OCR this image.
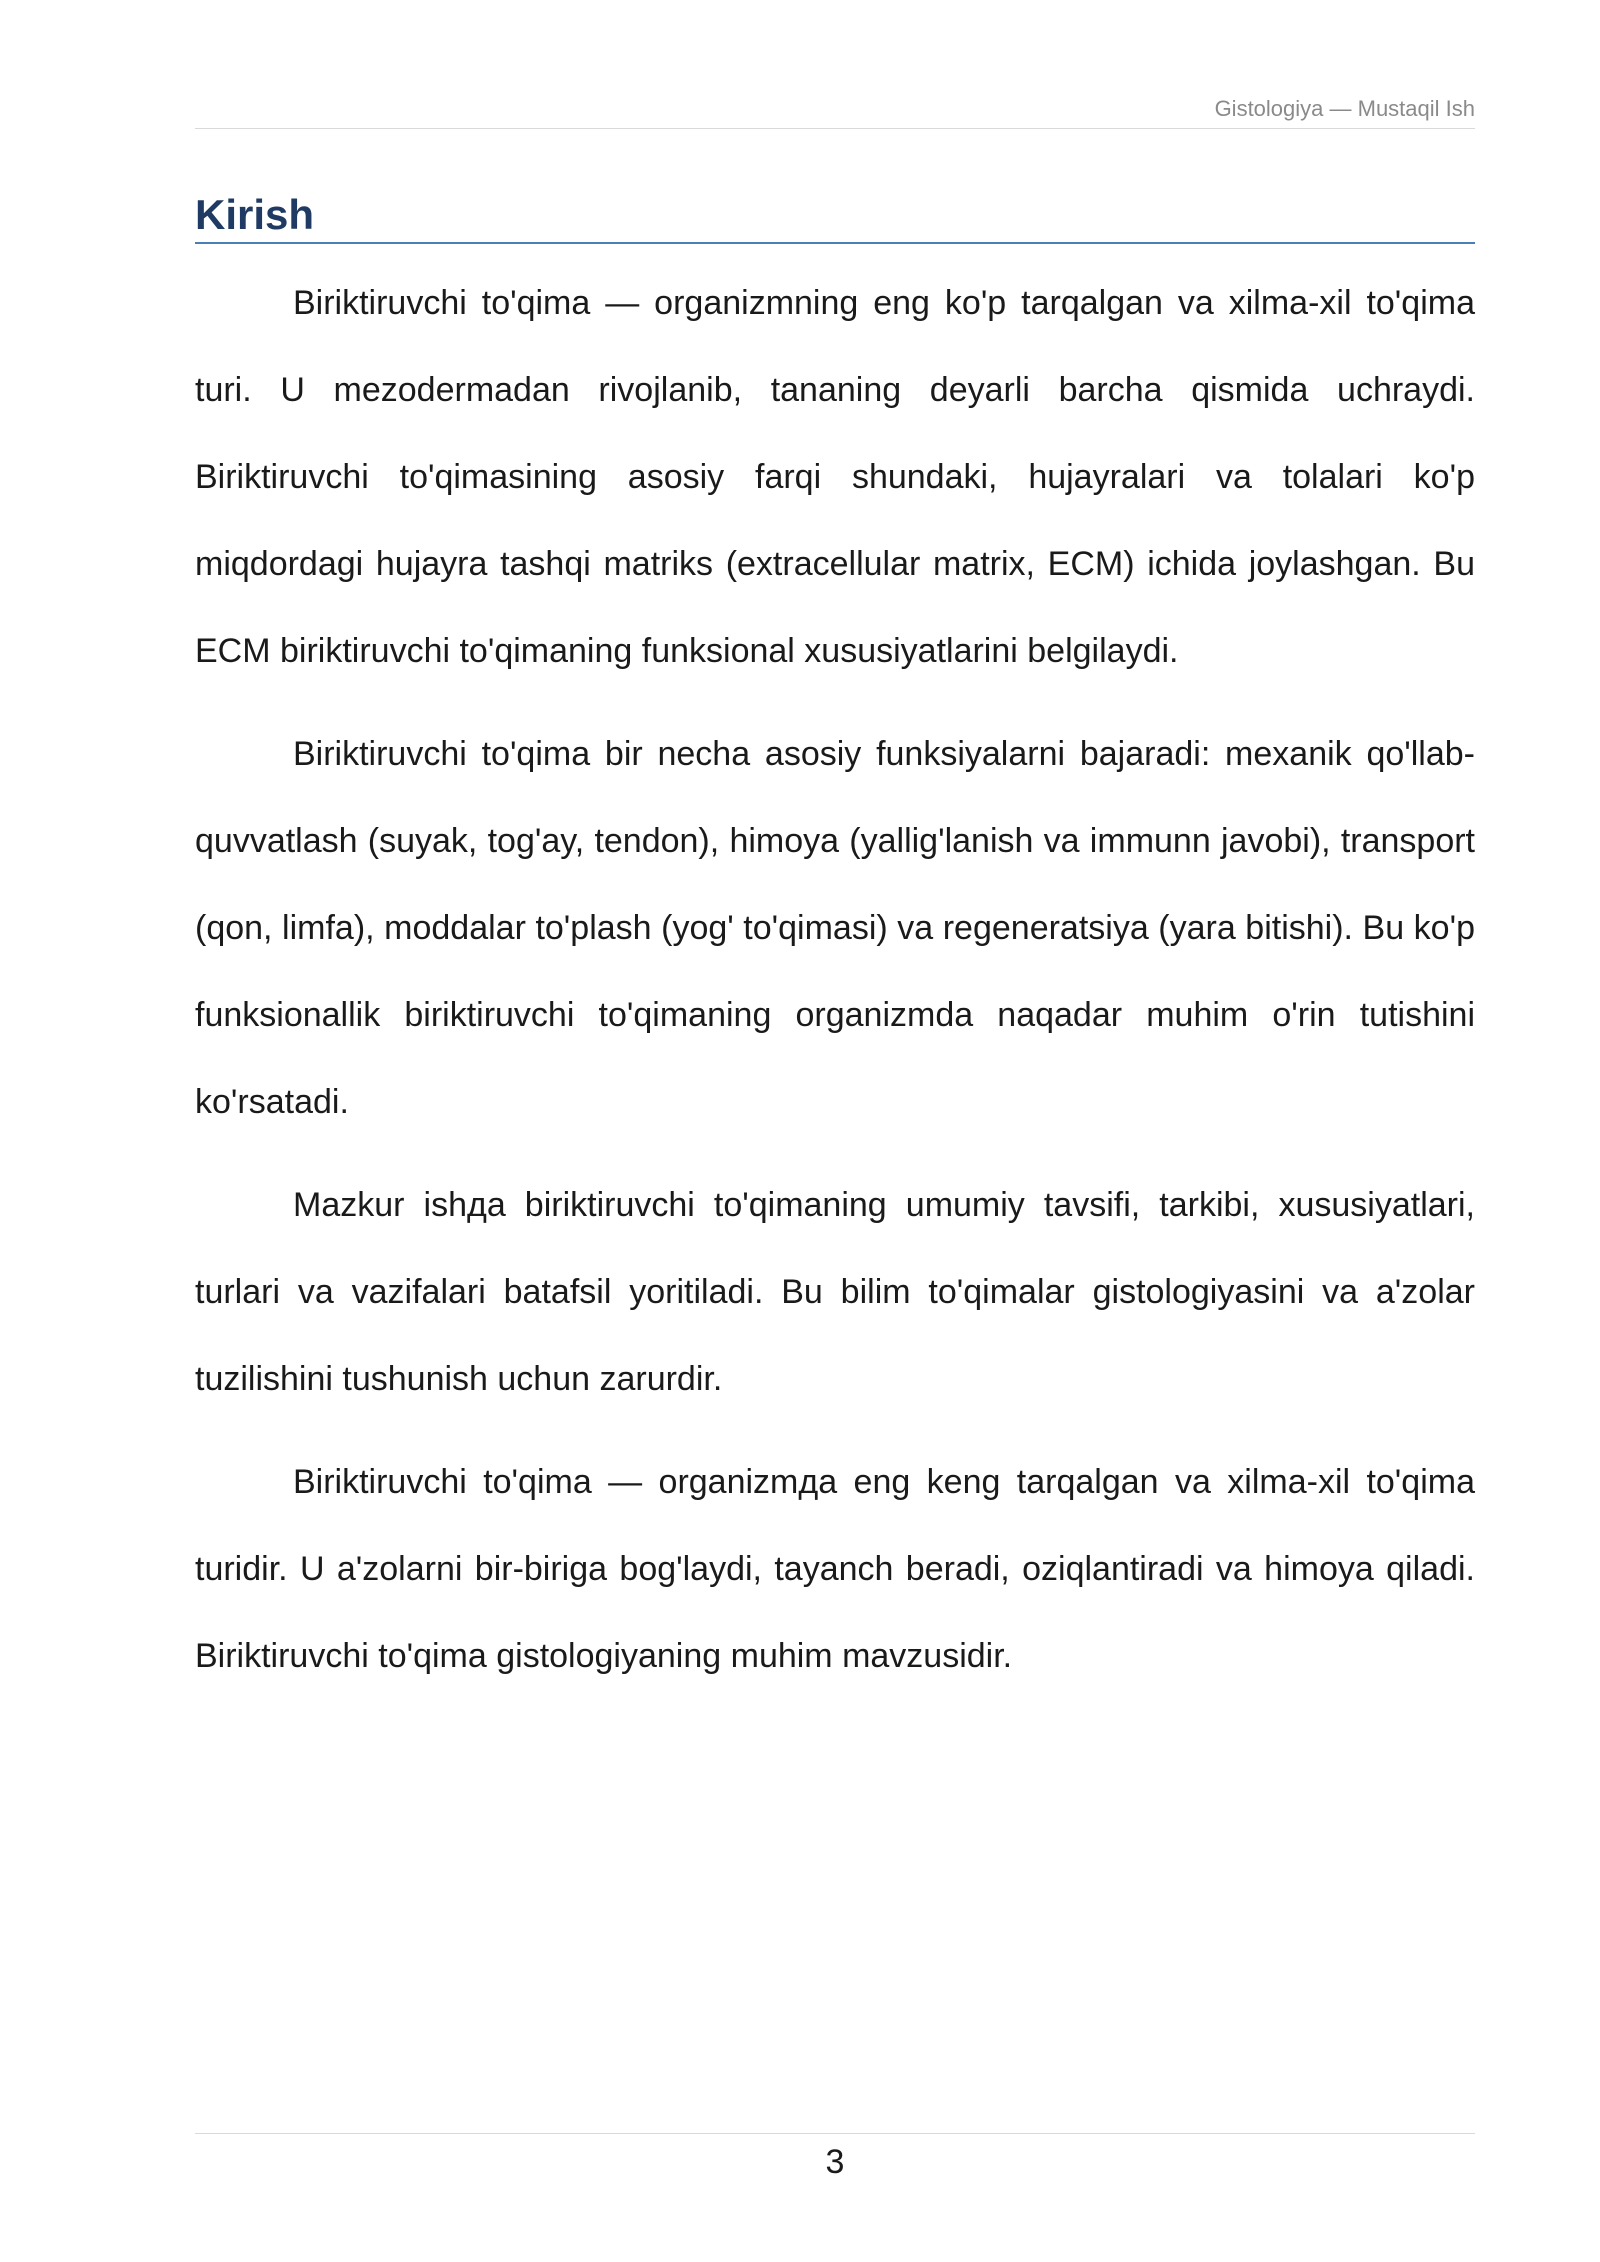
Gistologiya — Mustaqil Ish
Kirish

Biriktiruvchi to'qima — organizmning eng ko'p tarqalgan va xilma-xil to'qima turi. U mezodermadan rivojlanib, tananing deyarli barcha qismida uchraydi. Biriktiruvchi to'qimasining asosiy farqi shundaki, hujayralari va tolalari ko'p miqdordagi hujayra tashqi matriks (extracellular matrix, ECM) ichida joylashgan. Bu ECM biriktiruvchi to'qimaning funksional xususiyatlarini belgilaydi.

Biriktiruvchi to'qima bir necha asosiy funksiyalarni bajaradi: mexanik qo'llab-quvvatlash (suyak, tog'ay, tendon), himoya (yallig'lanish va immunn javobi), transport (qon, limfa), moddalar to'plash (yog' to'qimasi) va regeneratsiya (yara bitishi). Bu ko'p funksionallik biriktiruvchi to'qimaning organizmda naqadar muhim o'rin tutishini ko'rsatadi.

Mazkur ishда biriktiruvchi to'qimaning umumiy tavsifi, tarkibi, xususiyatlari, turlari va vazifalari batafsil yoritiladi. Bu bilim to'qimalar gistologiyasini va a'zolar tuzilishini tushunish uchun zarurdir.

Biriktiruvchi to'qima — organizmда eng keng tarqalgan va xilma-xil to'qima turidir. U a'zolarni bir-biriga bog'laydi, tayanch beradi, oziqlantiradi va himoya qiladi. Biriktiruvchi to'qima gistologiyaning muhim mavzusidir.

3
